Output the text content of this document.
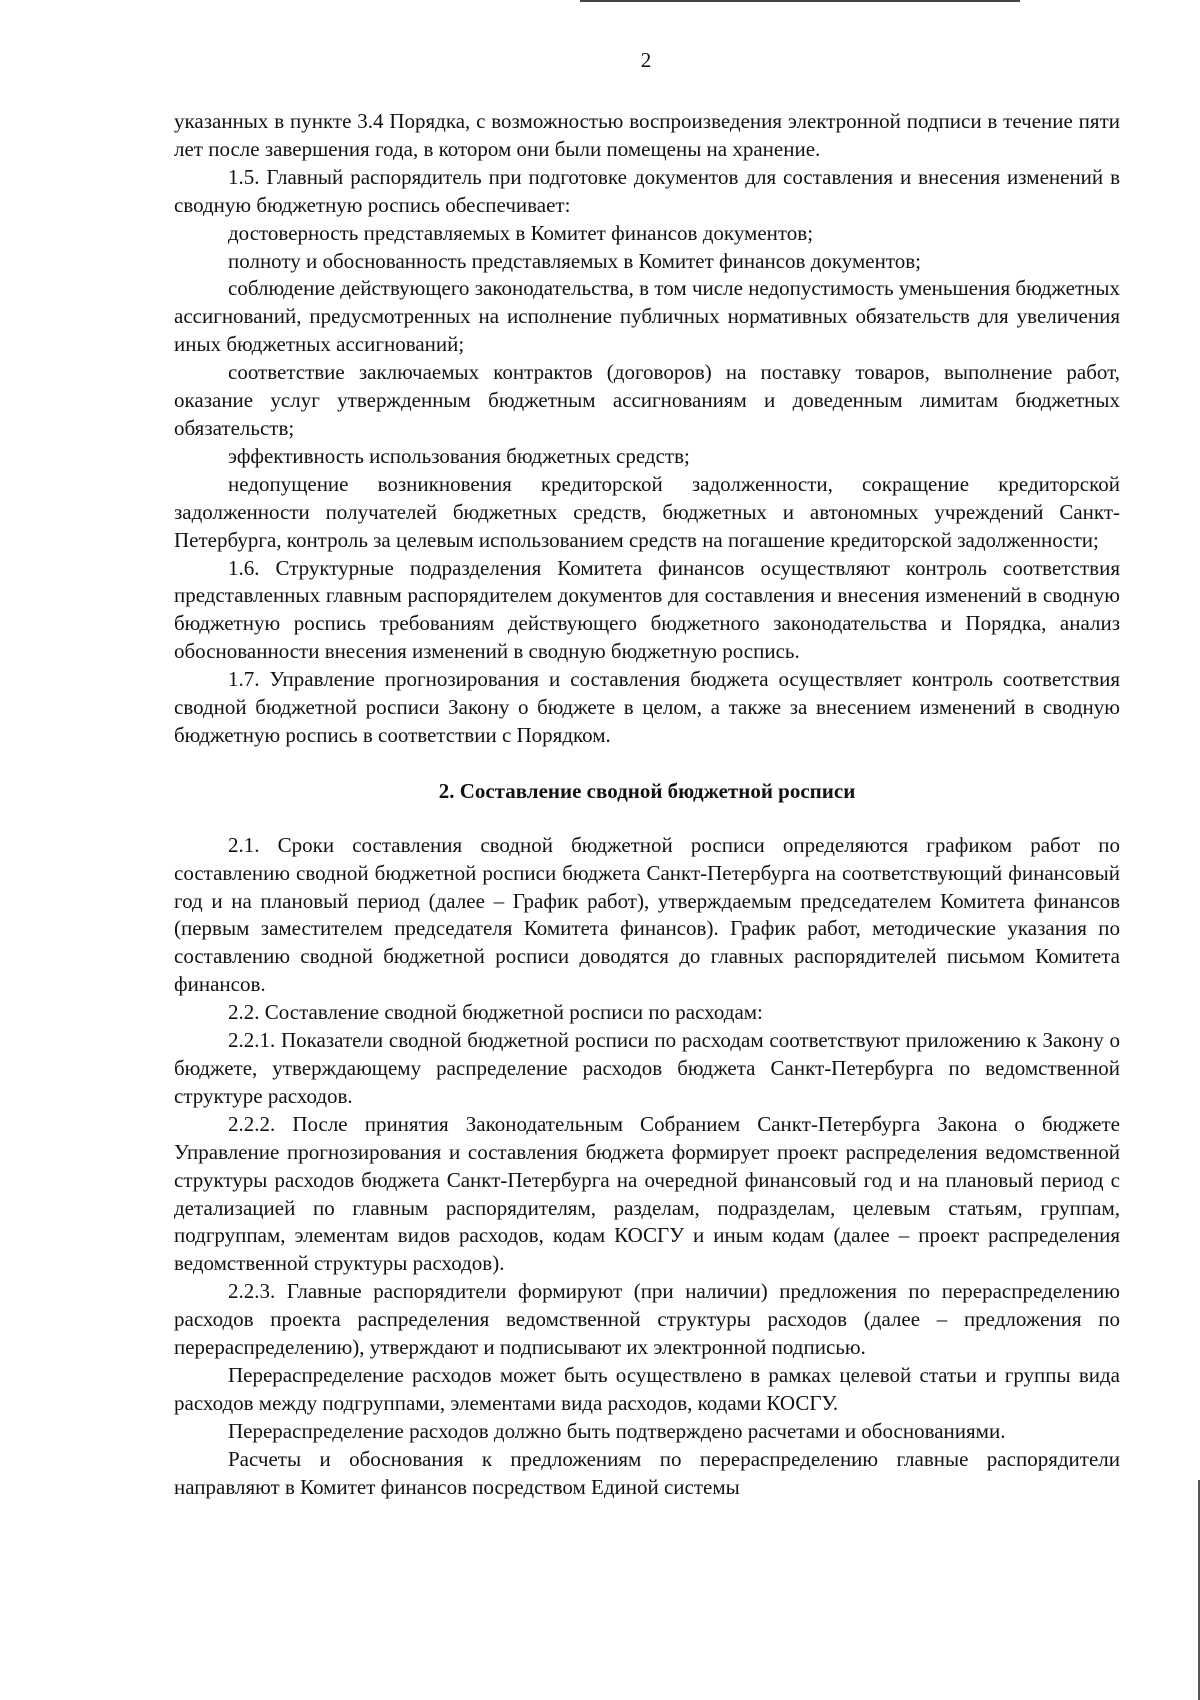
2

указанных в пункте 3.4 Порядка, с возможностью воспроизведения электронной подписи в течение пяти лет после завершения года, в котором они были помещены на хранение.

1.5. Главный распорядитель при подготовке документов для составления и внесения изменений в сводную бюджетную роспись обеспечивает:

достоверность представляемых в Комитет финансов документов;

полноту и обоснованность представляемых в Комитет финансов документов;

соблюдение действующего законодательства, в том числе недопустимость уменьшения бюджетных ассигнований, предусмотренных на исполнение публичных нормативных обязательств для увеличения иных бюджетных ассигнований;

соответствие заключаемых контрактов (договоров) на поставку товаров, выполнение работ, оказание услуг утвержденным бюджетным ассигнованиям и доведенным лимитам бюджетных обязательств;

эффективность использования бюджетных средств;

недопущение возникновения кредиторской задолженности, сокращение кредиторской задолженности получателей бюджетных средств, бюджетных и автономных учреждений Санкт-Петербурга, контроль за целевым использованием средств на погашение кредиторской задолженности;

1.6. Структурные подразделения Комитета финансов осуществляют контроль соответствия представленных главным распорядителем документов для составления и внесения изменений в сводную бюджетную роспись требованиям действующего бюджетного законодательства и Порядка, анализ обоснованности внесения изменений в сводную бюджетную роспись.

1.7. Управление прогнозирования и составления бюджета осуществляет контроль соответствия сводной бюджетной росписи Закону о бюджете в целом, а также за внесением изменений в сводную бюджетную роспись в соответствии с Порядком.

2. Составление сводной бюджетной росписи

2.1. Сроки составления сводной бюджетной росписи определяются графиком работ по составлению сводной бюджетной росписи бюджета Санкт-Петербурга на соответствующий финансовый год и на плановый период (далее – График работ), утверждаемым председателем Комитета финансов (первым заместителем председателя Комитета финансов). График работ, методические указания по составлению сводной бюджетной росписи доводятся до главных распорядителей письмом Комитета финансов.

2.2. Составление сводной бюджетной росписи по расходам:

2.2.1. Показатели сводной бюджетной росписи по расходам соответствуют приложению к Закону о бюджете, утверждающему распределение расходов бюджета Санкт-Петербурга по ведомственной структуре расходов.

2.2.2. После принятия Законодательным Собранием Санкт-Петербурга Закона о бюджете Управление прогнозирования и составления бюджета формирует проект распределения ведомственной структуры расходов бюджета Санкт-Петербурга на очередной финансовый год и на плановый период с детализацией по главным распорядителям, разделам, подразделам, целевым статьям, группам, подгруппам, элементам видов расходов, кодам КОСГУ и иным кодам (далее – проект распределения ведомственной структуры расходов).

2.2.3. Главные распорядители формируют (при наличии) предложения по перераспределению расходов проекта распределения ведомственной структуры расходов (далее – предложения по перераспределению), утверждают и подписывают их электронной подписью.

Перераспределение расходов может быть осуществлено в рамках целевой статьи и группы вида расходов между подгруппами, элементами вида расходов, кодами КОСГУ.

Перераспределение расходов должно быть подтверждено расчетами и обоснованиями.

Расчеты и обоснования к предложениям по перераспределению главные распорядители направляют в Комитет финансов посредством Единой системы
